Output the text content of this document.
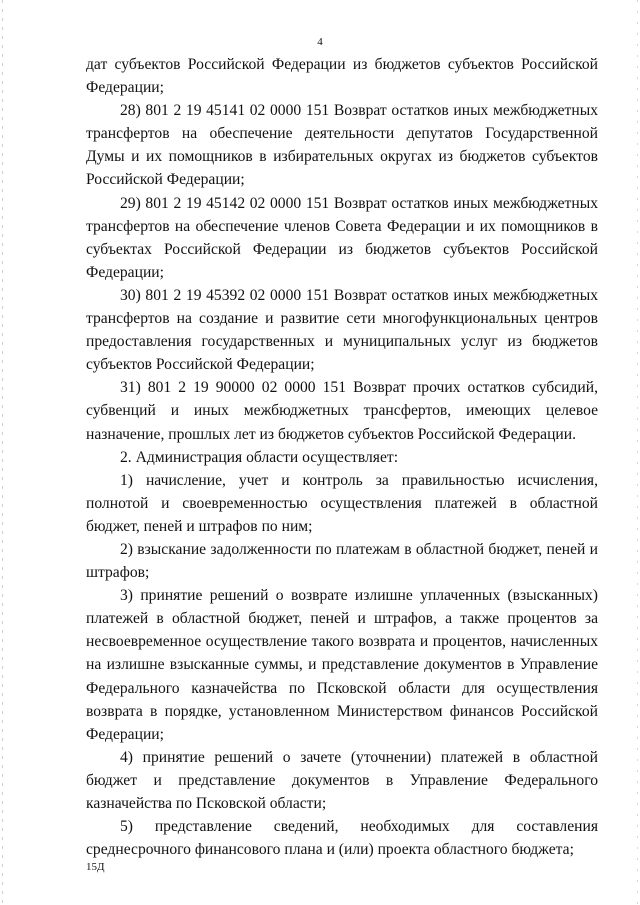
4

дат субъектов Российской Федерации из бюджетов субъектов Российской Федерации;

28) 801 2 19 45141 02 0000 151 Возврат остатков иных межбюджетных трансфертов на обеспечение деятельности депутатов Государственной Думы и их помощников в избирательных округах из бюджетов субъектов Российской Федерации;

29) 801 2 19 45142 02 0000 151 Возврат остатков иных межбюджетных трансфертов на обеспечение членов Совета Федерации и их помощников в субъектах Российской Федерации из бюджетов субъектов Российской Федерации;

30) 801 2 19 45392 02 0000 151 Возврат остатков иных межбюджетных трансфертов на создание и развитие сети многофункциональных центров предоставления государственных и муниципальных услуг из бюджетов субъектов Российской Федерации;

31) 801 2 19 90000 02 0000 151 Возврат прочих остатков субсидий, субвенций и иных межбюджетных трансфертов, имеющих целевое назначение, прошлых лет из бюджетов субъектов Российской Федерации.

2. Администрация области осуществляет:

1) начисление, учет и контроль за правильностью исчисления, полнотой и своевременностью осуществления платежей в областной бюджет, пеней и штрафов по ним;

2) взыскание задолженности по платежам в областной бюджет, пеней и штрафов;

3) принятие решений о возврате излишне уплаченных (взысканных) платежей в областной бюджет, пеней и штрафов, а также процентов за несвоевременное осуществление такого возврата и процентов, начисленных на излишне взысканные суммы, и представление документов в Управление Федерального казначейства по Псковской области для осуществления возврата в порядке, установленном Министерством финансов Российской Федерации;

4) принятие решений о зачете (уточнении) платежей в областной бюджет и представление документов в Управление Федерального казначейства по Псковской области;

5) представление сведений, необходимых для составления среднесрочного финансового плана и (или) проекта областного бюджета;

15Д
